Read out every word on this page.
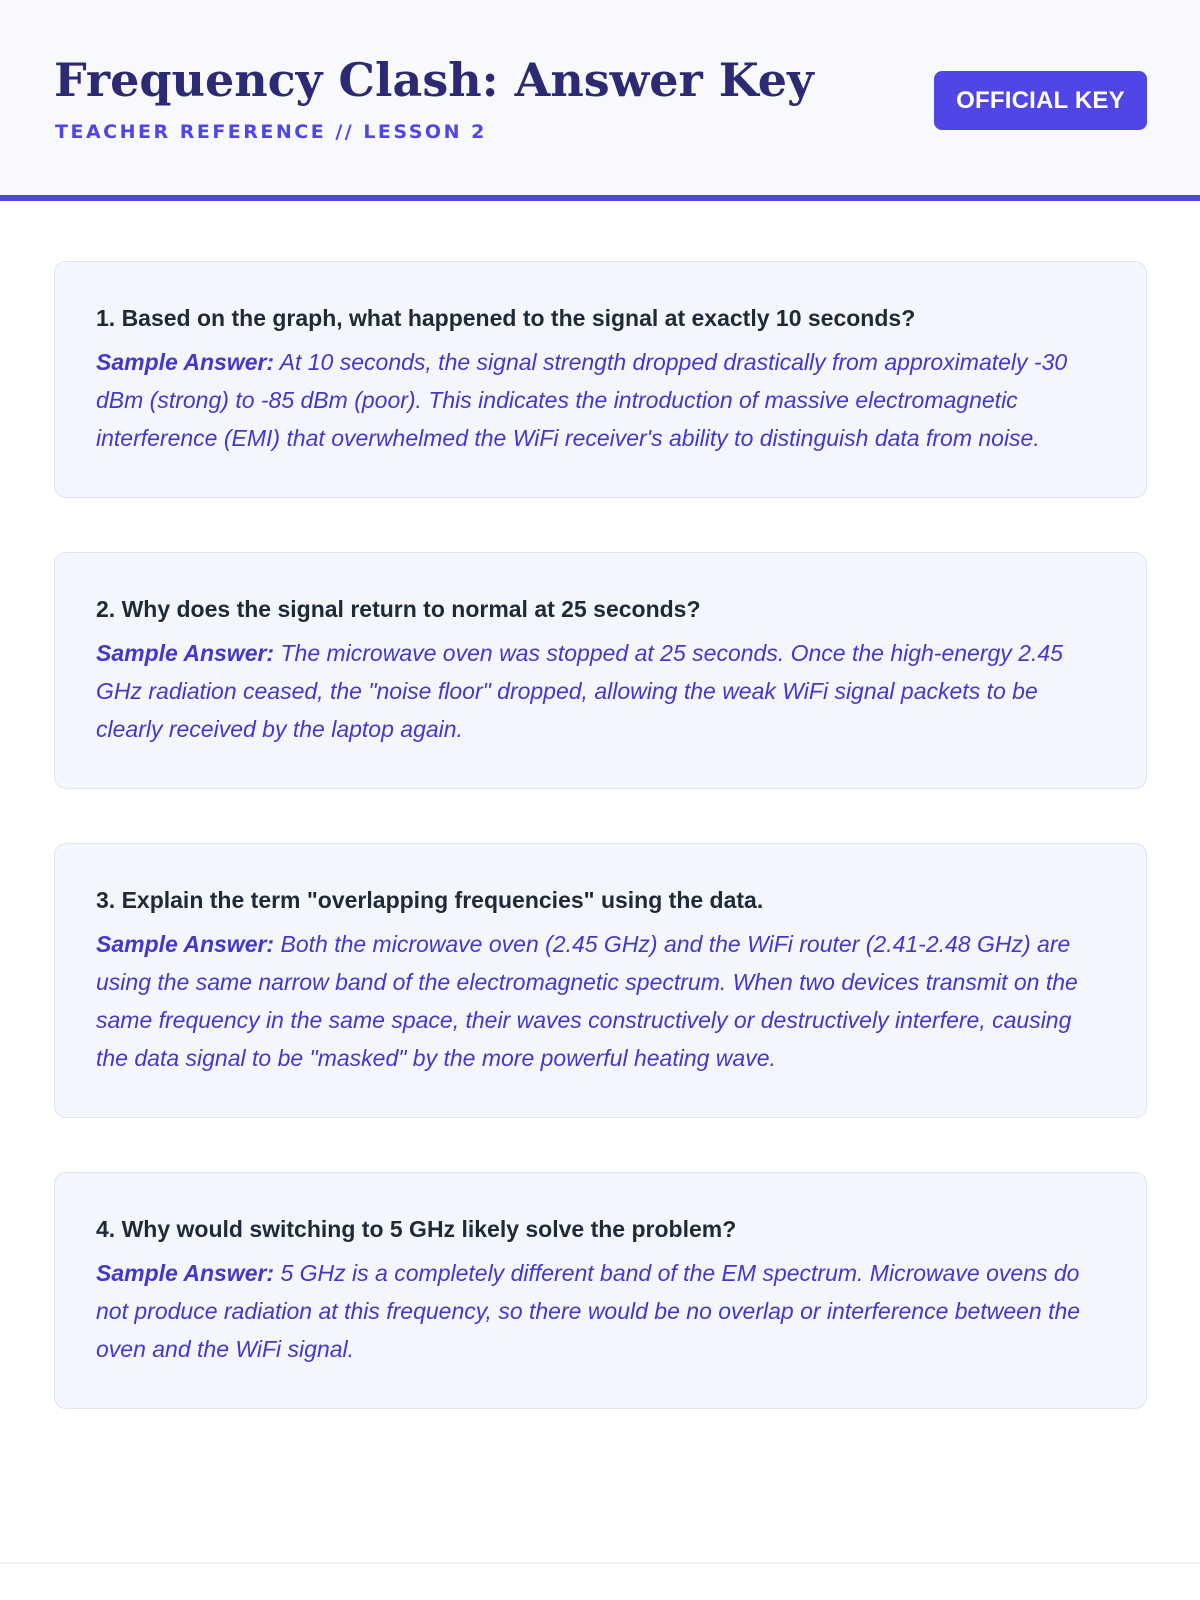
Frequency Clash: Answer Key
TEACHER REFERENCE // LESSON 2
OFFICIAL KEY

1. Based on the graph, what happened to the signal at exactly 10 seconds?

Sample Answer: At 10 seconds, the signal strength dropped drastically from approximately -30 dBm (strong) to -85 dBm (poor). This indicates the introduction of massive electromagnetic interference (EMI) that overwhelmed the WiFi receiver's ability to distinguish data from noise.

2. Why does the signal return to normal at 25 seconds?

Sample Answer: The microwave oven was stopped at 25 seconds. Once the high-energy 2.45 GHz radiation ceased, the "noise floor" dropped, allowing the weak WiFi signal packets to be clearly received by the laptop again.

3. Explain the term "overlapping frequencies" using the data.

Sample Answer: Both the microwave oven (2.45 GHz) and the WiFi router (2.41-2.48 GHz) are using the same narrow band of the electromagnetic spectrum. When two devices transmit on the same frequency in the same space, their waves constructively or destructively interfere, causing the data signal to be "masked" by the more powerful heating wave.

4. Why would switching to 5 GHz likely solve the problem?

Sample Answer: 5 GHz is a completely different band of the EM spectrum. Microwave ovens do not produce radiation at this frequency, so there would be no overlap or interference between the oven and the WiFi signal.
